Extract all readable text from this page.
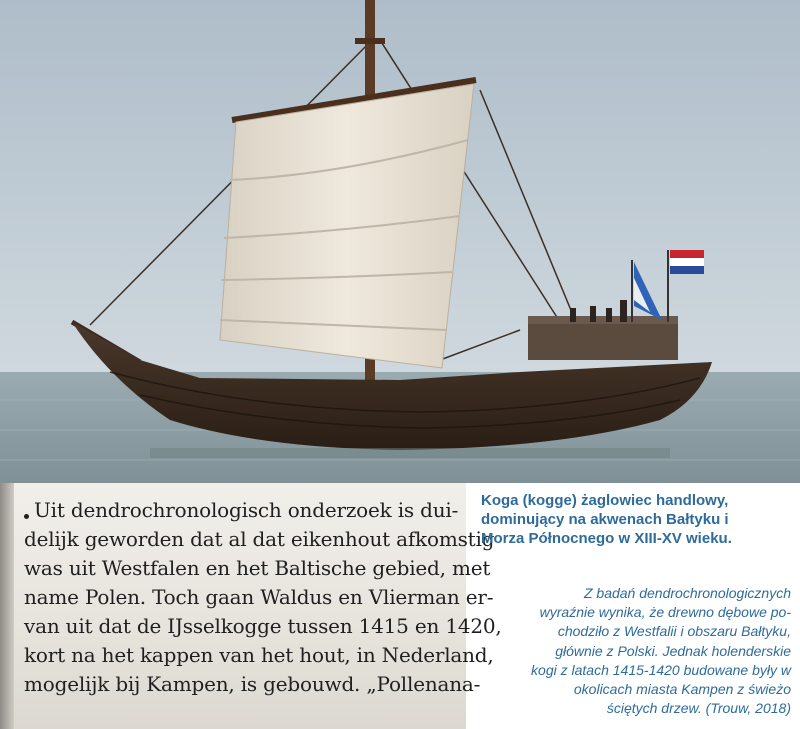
Uit dendrochronologisch onderzoek is dui-
delijk geworden dat al dat eikenhout afkomstig
was uit Westfalen en het Baltische gebied, met
name Polen. Toch gaan Waldus en Vlierman er-
van uit dat de IJsselkogge tussen 1415 en 1420,
kort na het kappen van het hout, in Nederland,
mogelijk bij Kampen, is gebouwd. „Pollenana-
Koga (kogge) żaglowiec handlowy,
dominujący na akwenach Bałtyku i
Morza Północnego w XIII-XV wieku.
Z badań dendrochronologicznych
wyraźnie wynika, że drewno dębowe po-
chodziło z Westfalii i obszaru Bałtyku,
głównie z Polski. Jednak holenderskie
kogi z latach 1415-1420 budowane były w
okolicach miasta Kampen z świeżo
ściętych drzew. (Trouw, 2018)
